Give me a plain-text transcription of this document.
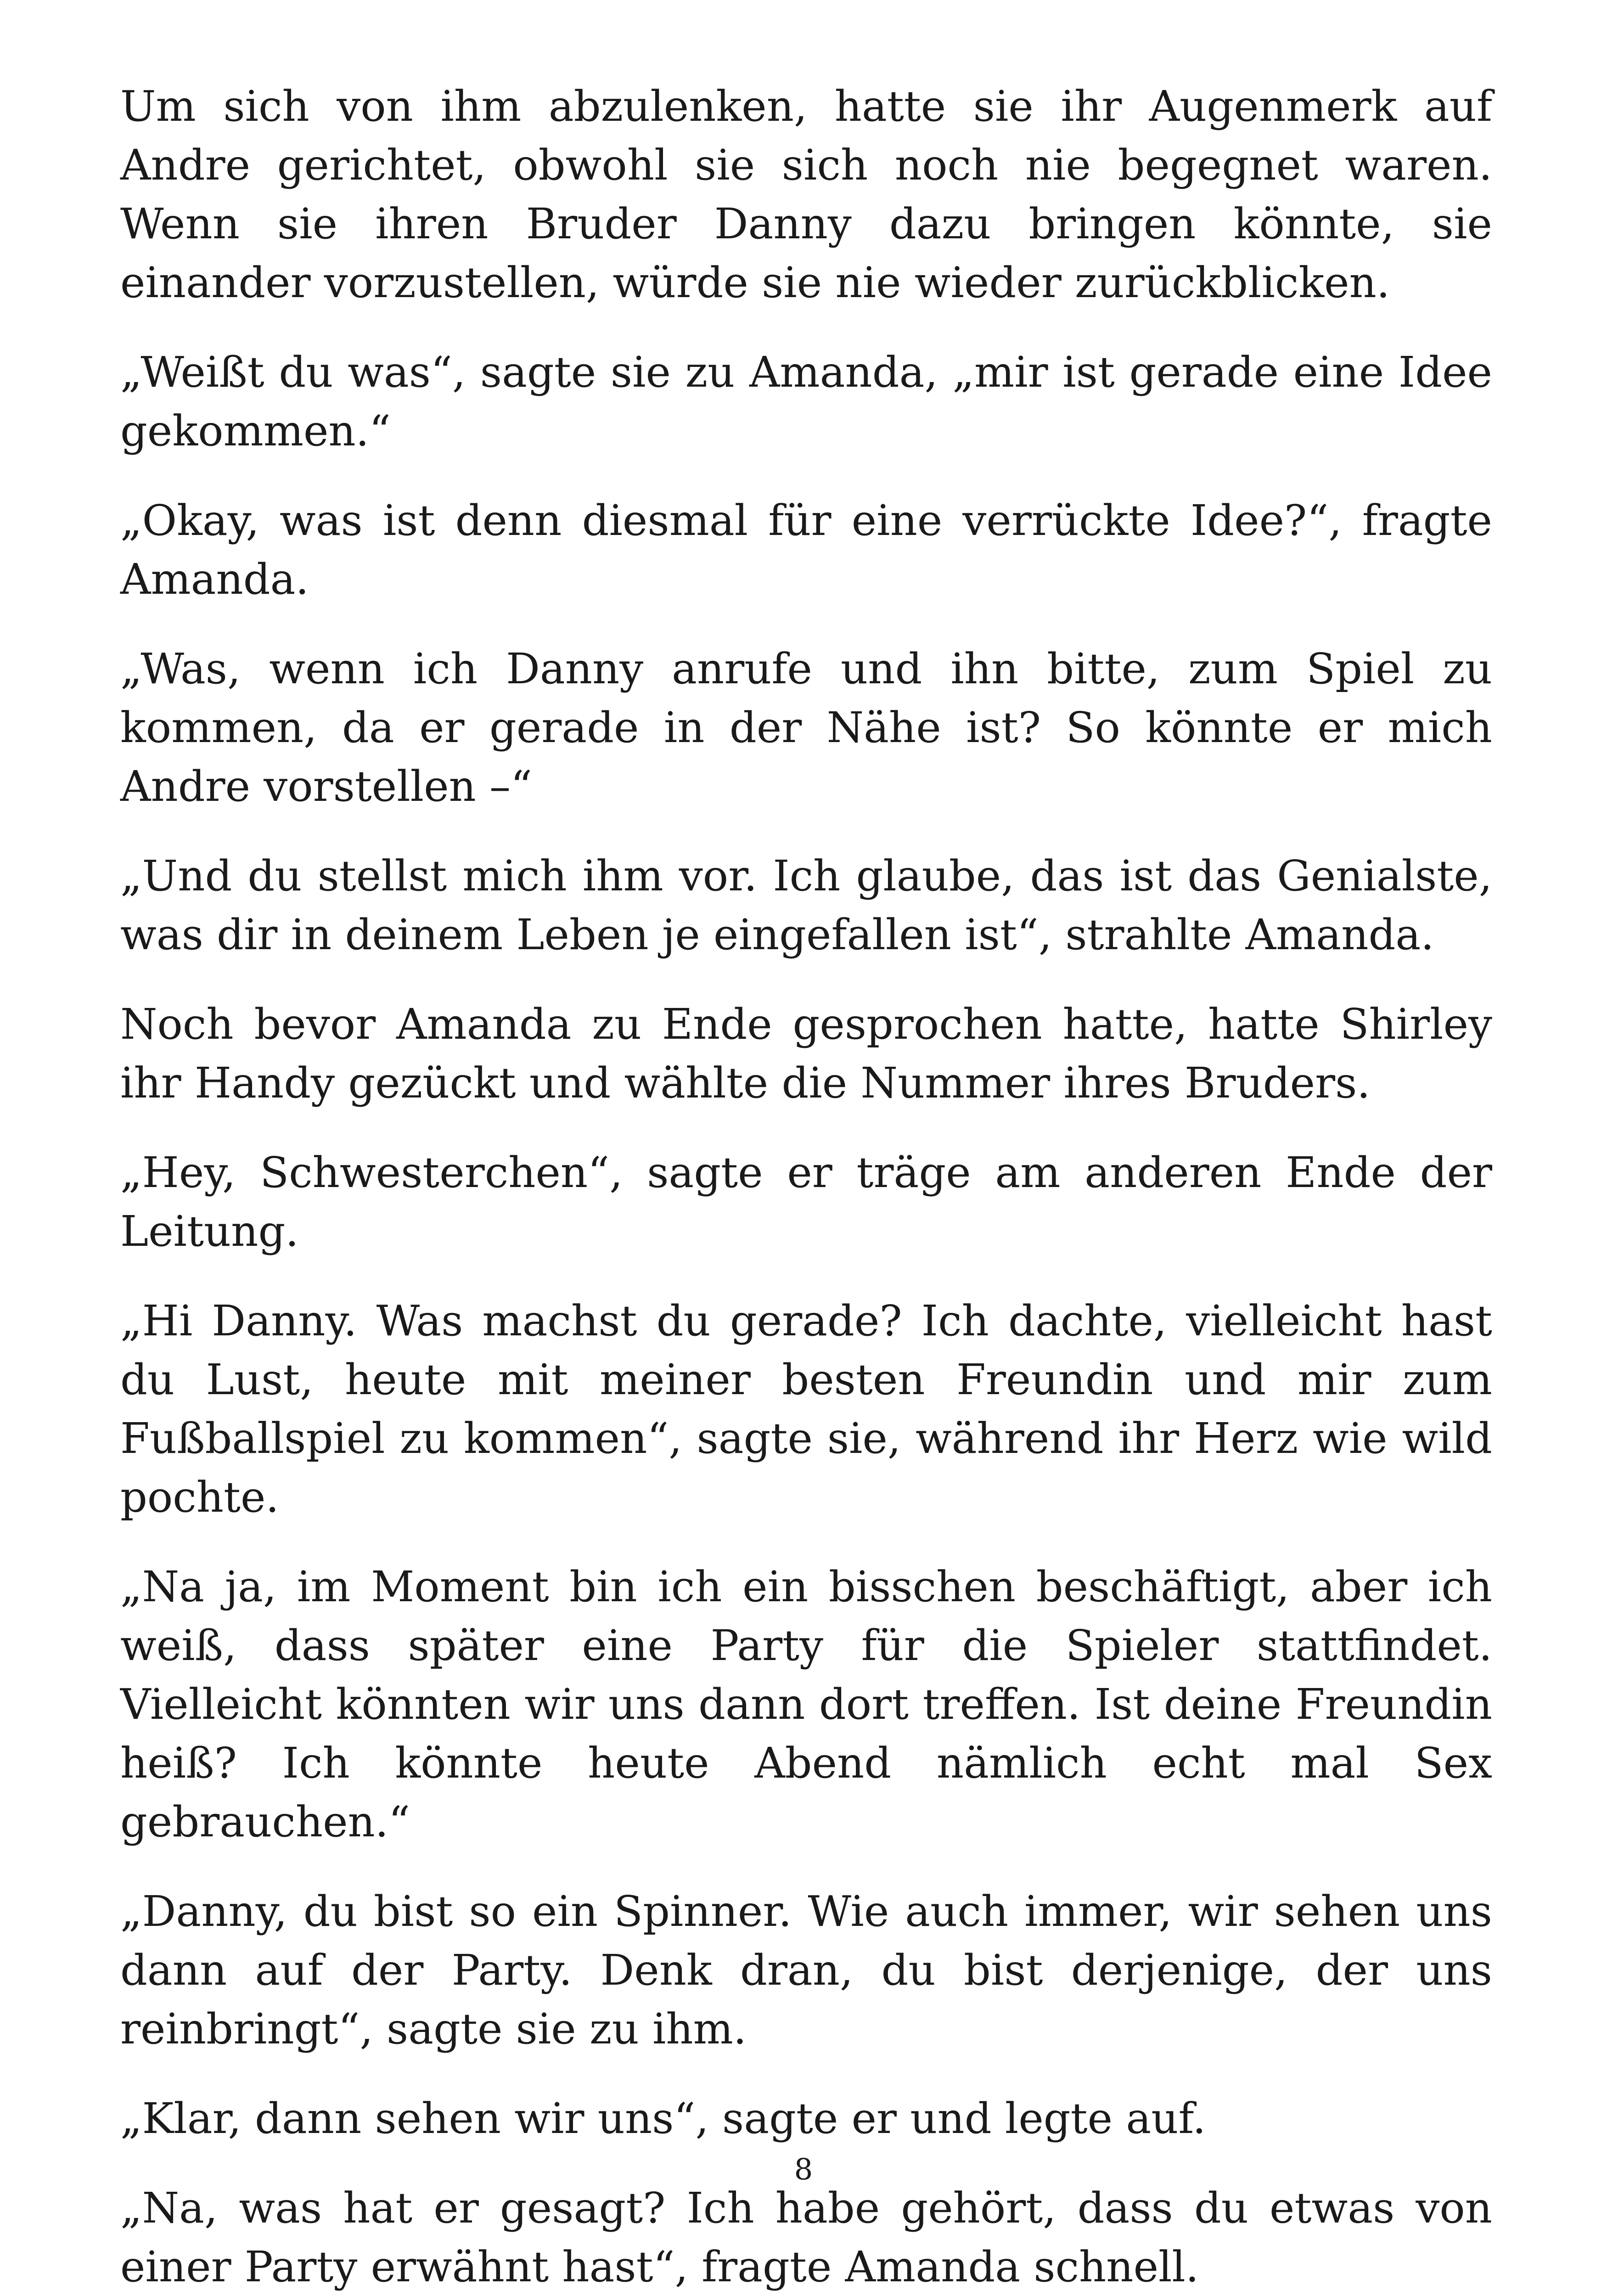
Um sich von ihm abzulenken, hatte sie ihr Augenmerk auf Andre gerichtet, obwohl sie sich noch nie begegnet waren. Wenn sie ihren Bruder Danny dazu bringen könnte, sie einander vorzustellen, würde sie nie wieder zurückblicken.

„Weißt du was“, sagte sie zu Amanda, „mir ist gerade eine Idee gekommen.“

„Okay, was ist denn diesmal für eine verrückte Idee?“, fragte Amanda.

„Was, wenn ich Danny anrufe und ihn bitte, zum Spiel zu kommen, da er gerade in der Nähe ist? So könnte er mich Andre vorstellen –“

„Und du stellst mich ihm vor. Ich glaube, das ist das Genialste, was dir in deinem Leben je eingefallen ist“, strahlte Amanda.

Noch bevor Amanda zu Ende gesprochen hatte, hatte Shirley ihr Handy gezückt und wählte die Nummer ihres Bruders.

„Hey, Schwesterchen“, sagte er träge am anderen Ende der Leitung.

„Hi Danny. Was machst du gerade? Ich dachte, vielleicht hast du Lust, heute mit meiner besten Freundin und mir zum Fußballspiel zu kommen“, sagte sie, während ihr Herz wie wild pochte.

„Na ja, im Moment bin ich ein bisschen beschäftigt, aber ich weiß, dass später eine Party für die Spieler stattfindet. Vielleicht könnten wir uns dann dort treffen. Ist deine Freundin heiß? Ich könnte heute Abend nämlich echt mal Sex gebrauchen.“

„Danny, du bist so ein Spinner. Wie auch immer, wir sehen uns dann auf der Party. Denk dran, du bist derjenige, der uns reinbringt“, sagte sie zu ihm.

„Klar, dann sehen wir uns“, sagte er und legte auf.

„Na, was hat er gesagt? Ich habe gehört, dass du etwas von einer Party erwähnt hast“, fragte Amanda schnell.

8
